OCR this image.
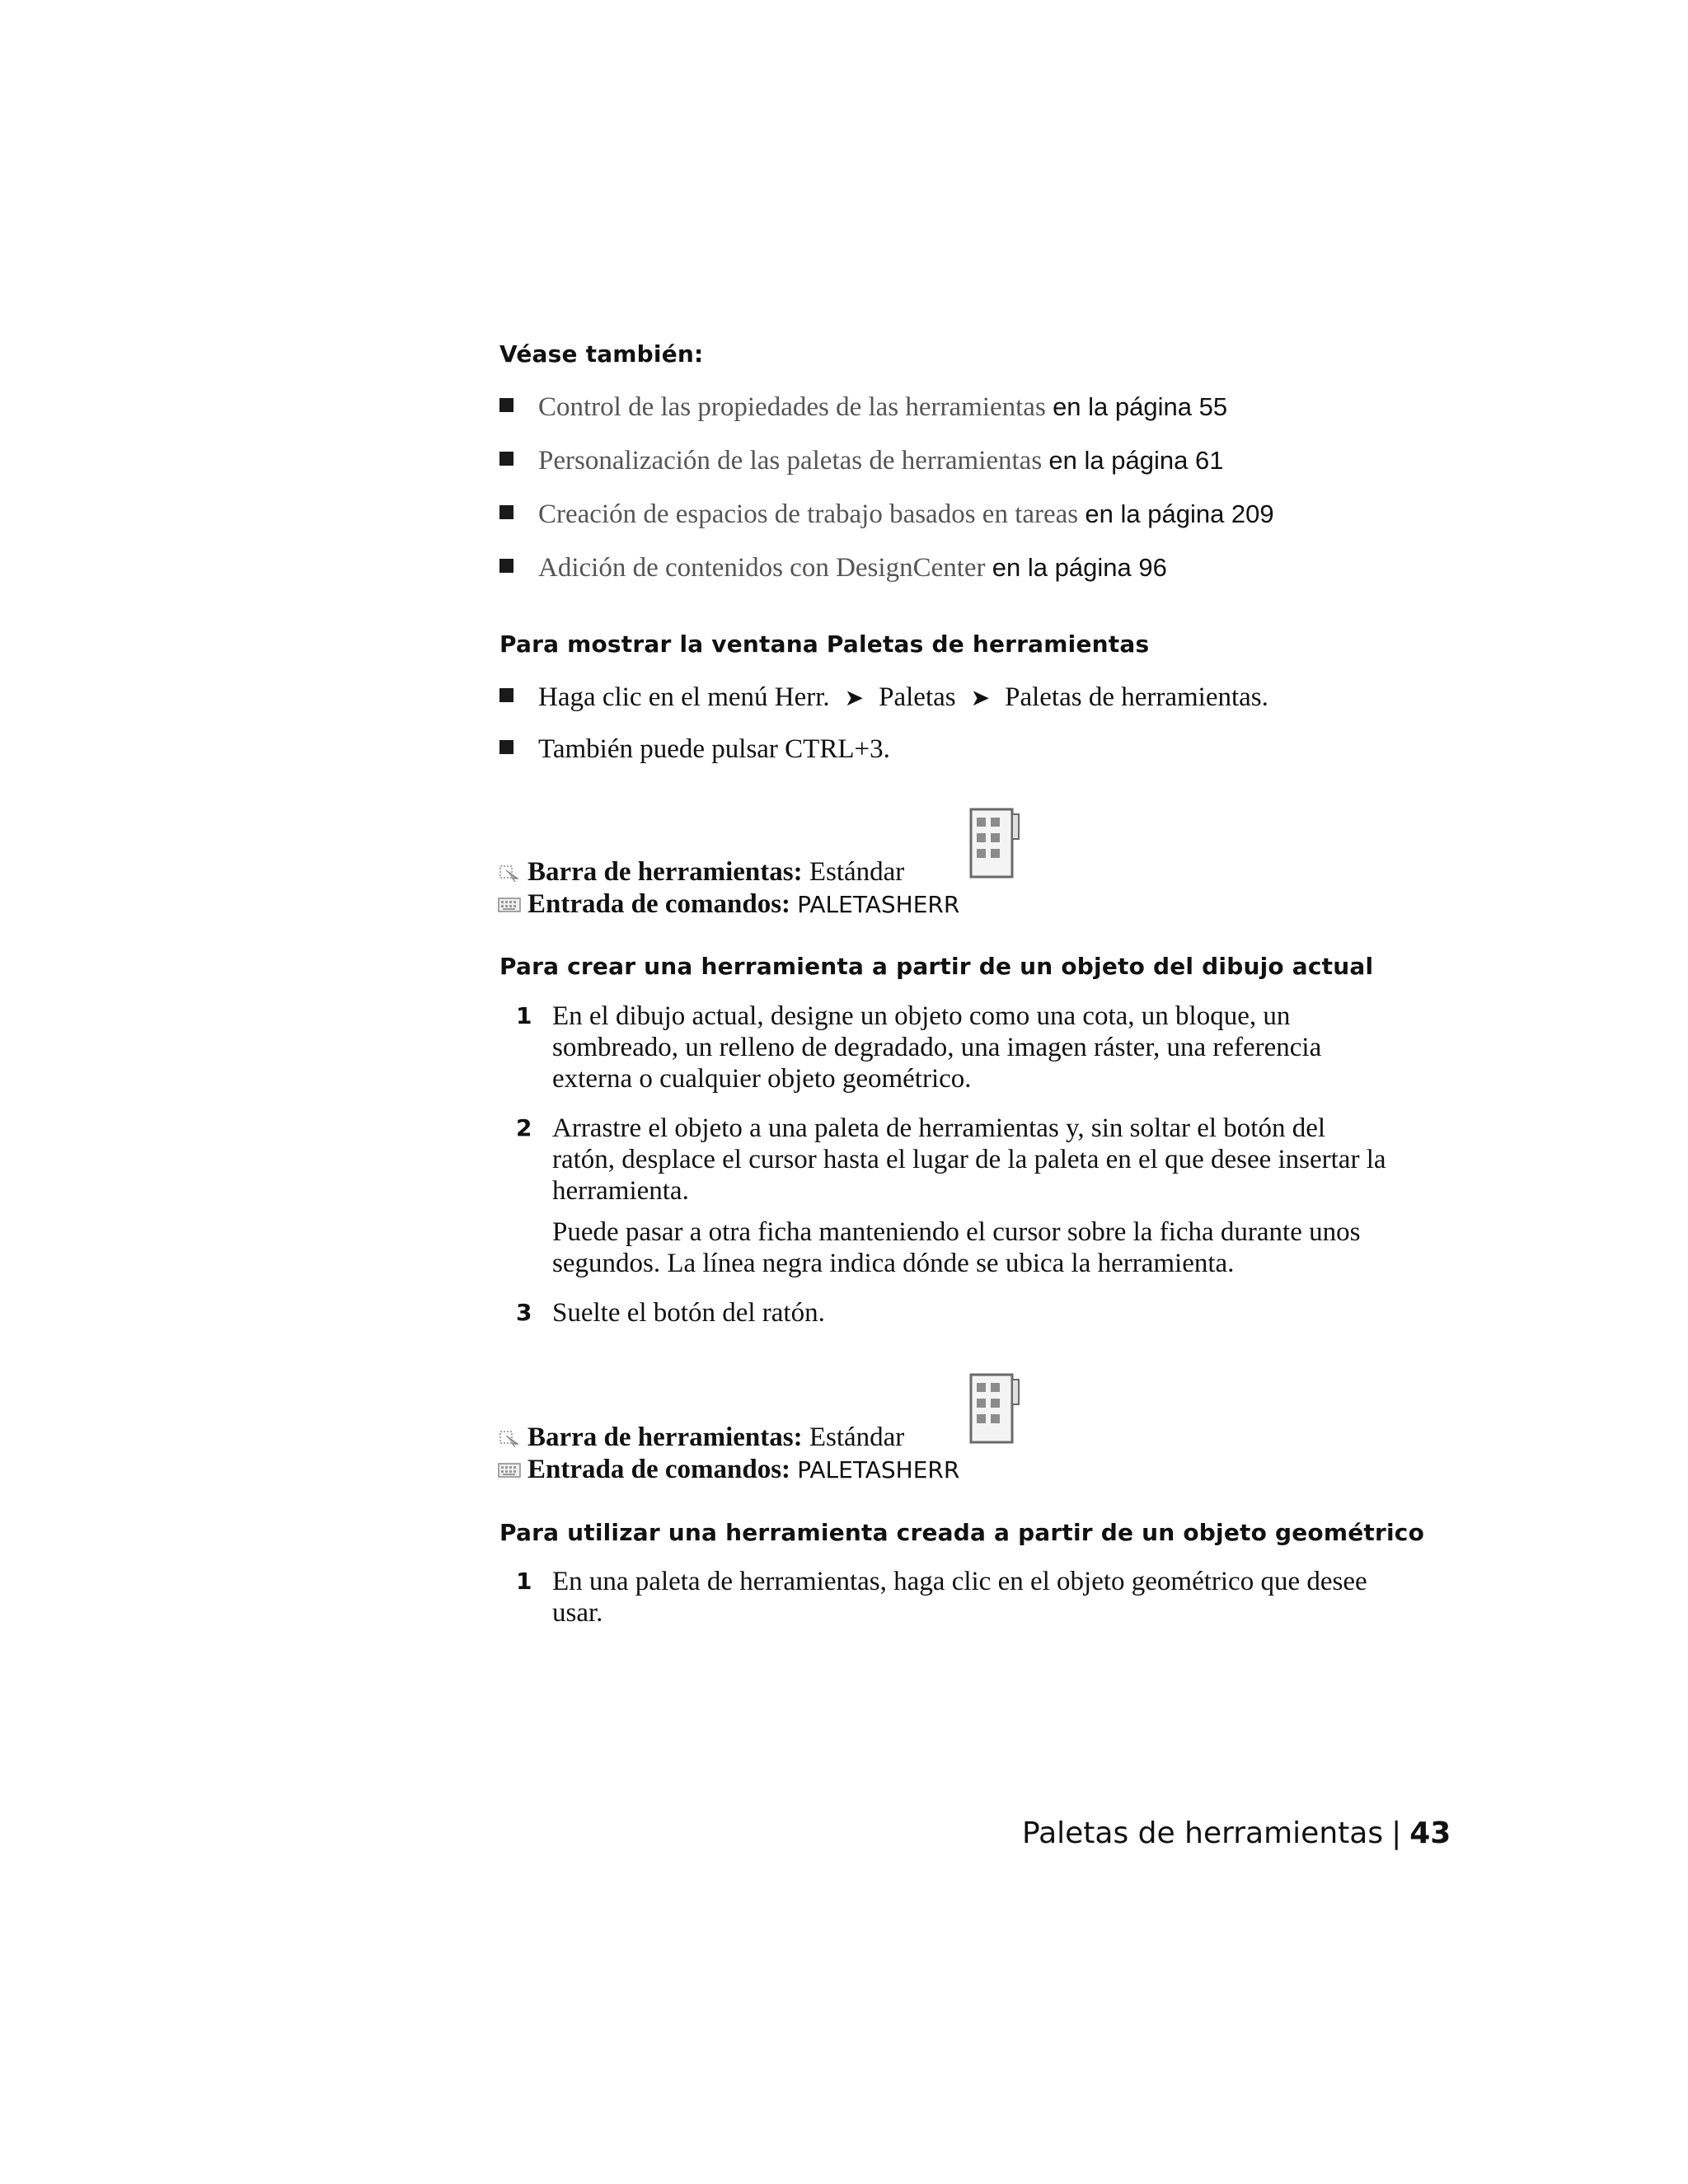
Véase también:
Control de las propiedades de las herramientas en la página 55
Personalización de las paletas de herramientas en la página 61
Creación de espacios de trabajo basados en tareas en la página 209
Adición de contenidos con DesignCenter en la página 96
Para mostrar la ventana Paletas de herramientas
Haga clic en el menú Herr. ➤ Paletas ➤ Paletas de herramientas.
También puede pulsar CTRL+3.
Barra de herramientas: Estándar
Entrada de comandos: PALETASHERR
Para crear una herramienta a partir de un objeto del dibujo actual
1 En el dibujo actual, designe un objeto como una cota, un bloque, un sombreado, un relleno de degradado, una imagen ráster, una referencia externa o cualquier objeto geométrico.

2 Arrastre el objeto a una paleta de herramientas y, sin soltar el botón del ratón, desplace el cursor hasta el lugar de la paleta en el que desee insertar la herramienta.

Puede pasar a otra ficha manteniendo el cursor sobre la ficha durante unos segundos. La línea negra indica dónde se ubica la herramienta.

3 Suelte el botón del ratón.

Barra de herramientas: Estándar
Entrada de comandos: PALETASHERR
Para utilizar una herramienta creada a partir de un objeto geométrico
1 En una paleta de herramientas, haga clic en el objeto geométrico que desee usar.

Paletas de herramientas | 43
